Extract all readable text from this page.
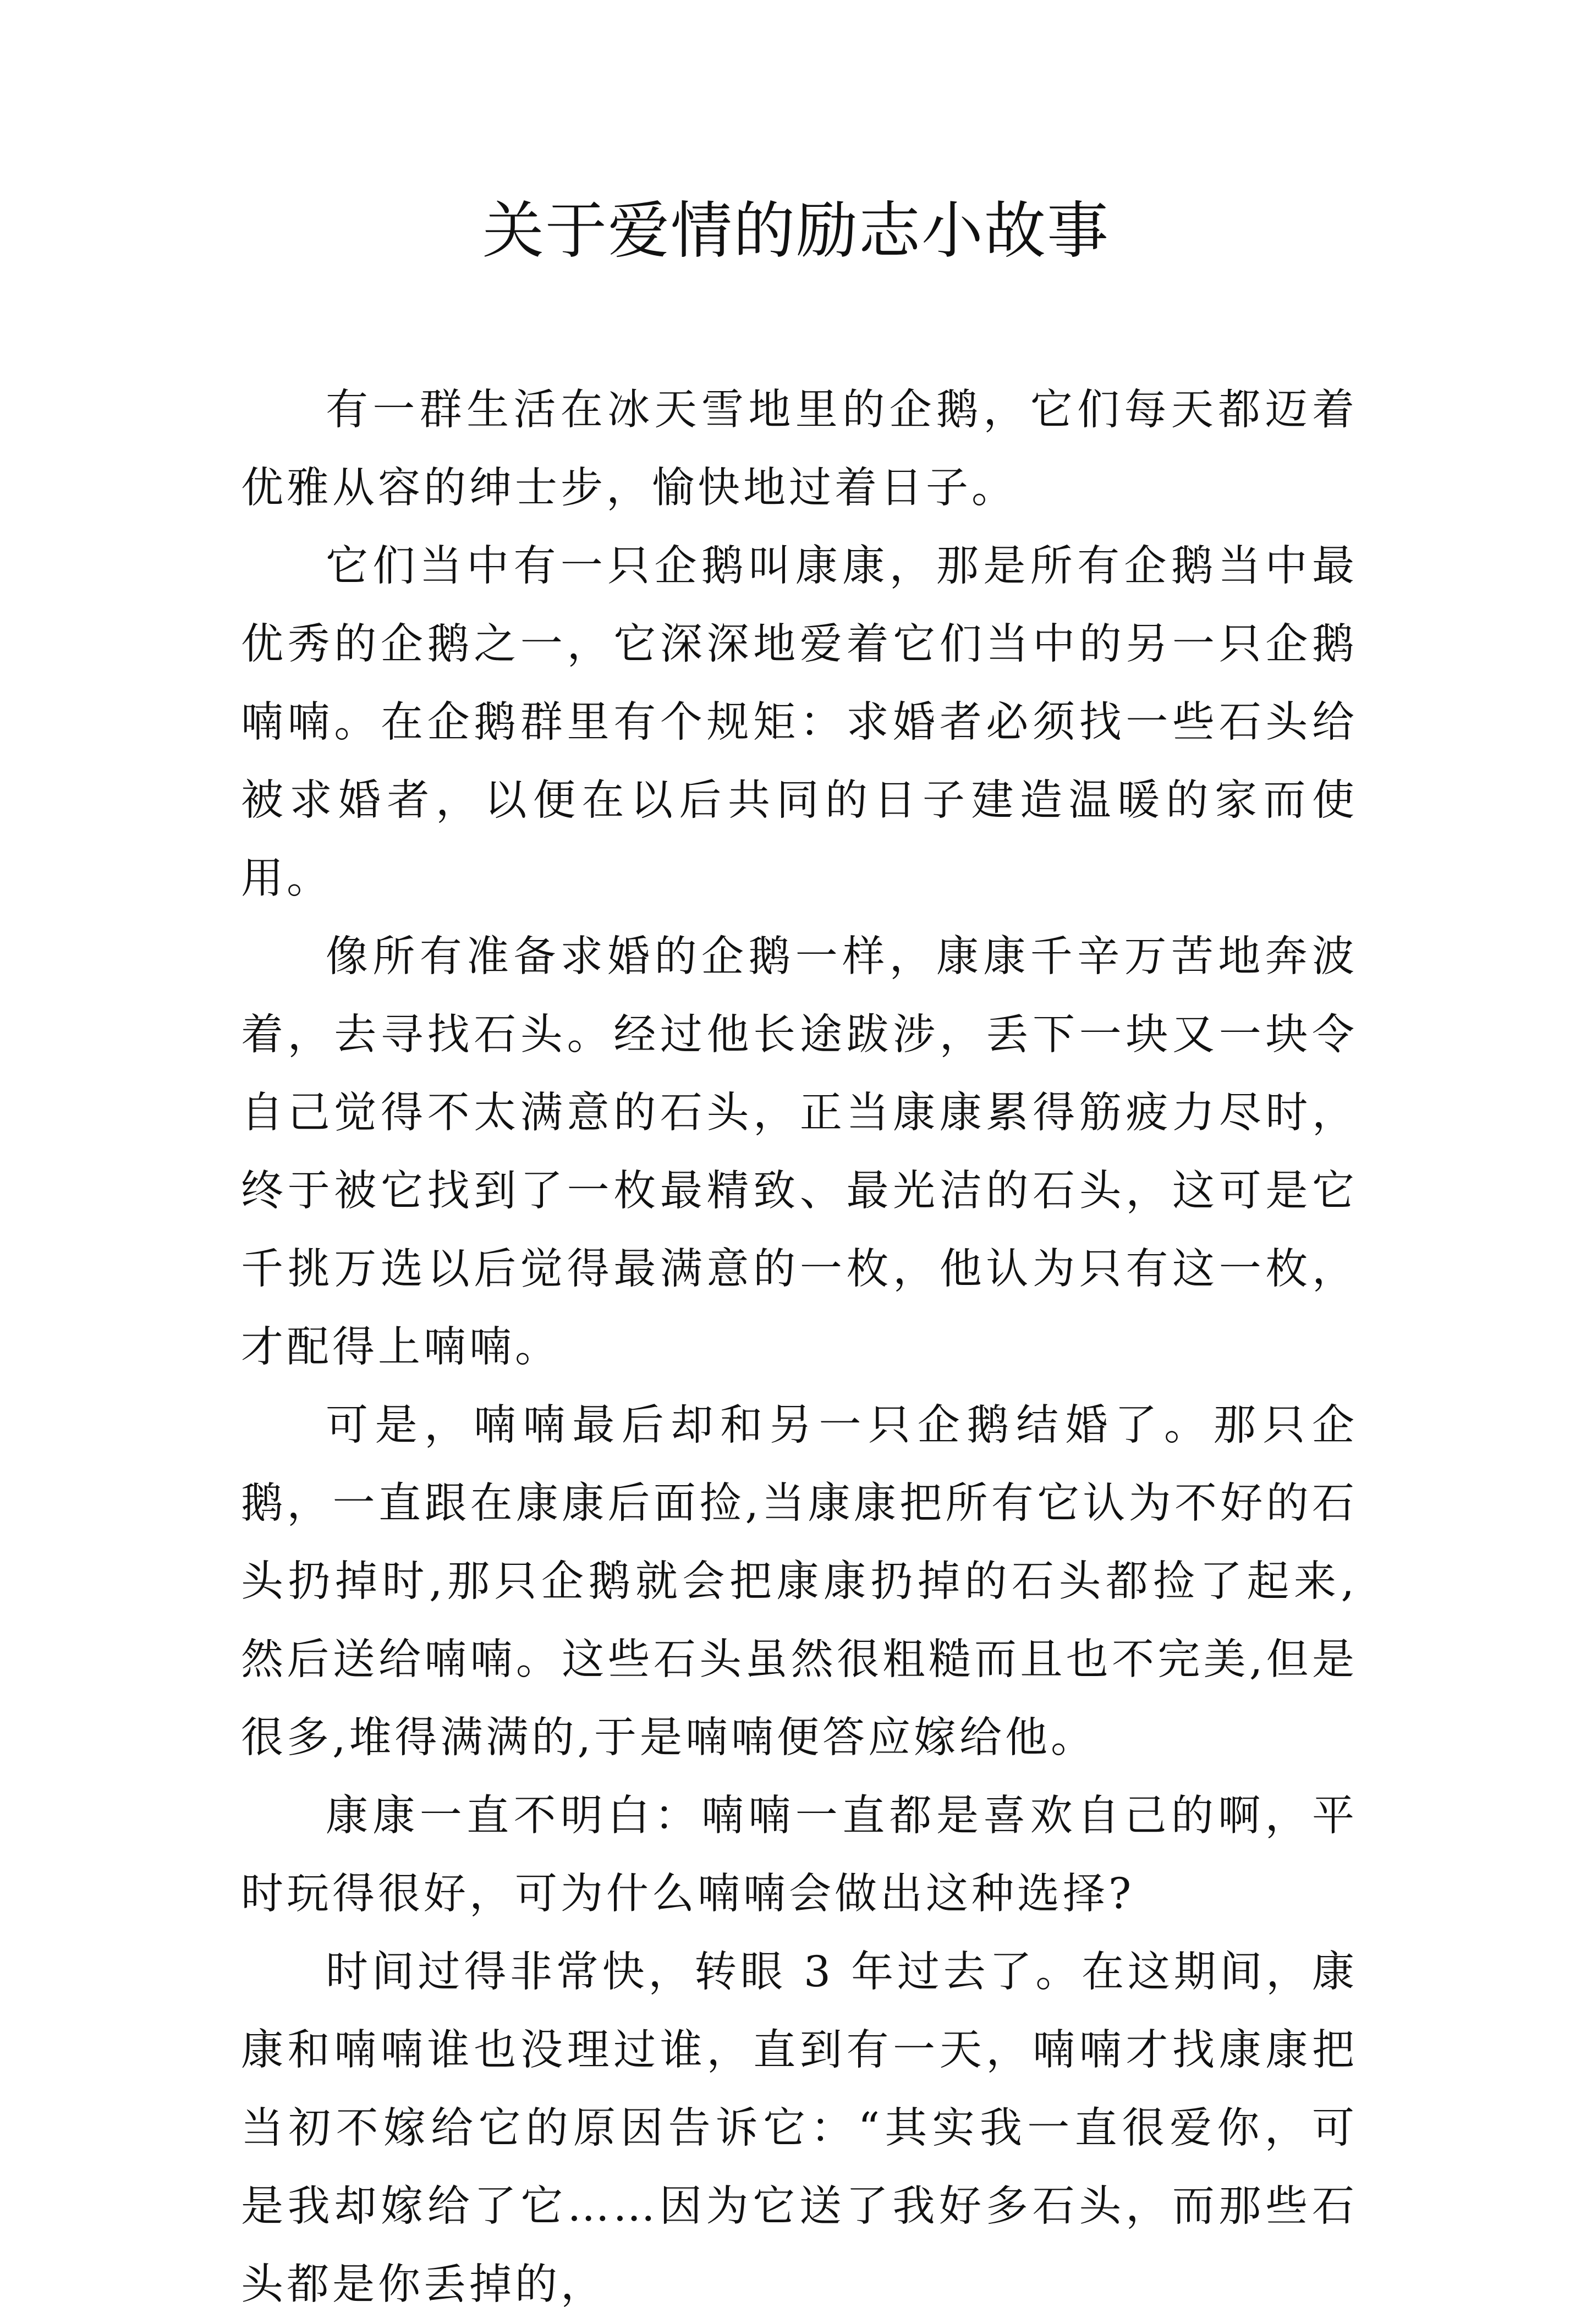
关于爱情的励志小故事

有一群生活在冰天雪地里的企鹅，它们每天都迈着优雅从容的绅士步，愉快地过着日子。

它们当中有一只企鹅叫康康，那是所有企鹅当中最优秀的企鹅之一，它深深地爱着它们当中的另一只企鹅喃喃。在企鹅群里有个规矩：求婚者必须找一些石头给被求婚者，以便在以后共同的日子建造温暖的家而使用。

像所有准备求婚的企鹅一样，康康千辛万苦地奔波着，去寻找石头。经过他长途跋涉，丢下一块又一块令自己觉得不太满意的石头，正当康康累得筋疲力尽时，终于被它找到了一枚最精致、最光洁的石头，这可是它千挑万选以后觉得最满意的一枚，他认为只有这一枚，才配得上喃喃。

可是，喃喃最后却和另一只企鹅结婚了。那只企鹅，一直跟在康康后面捡,当康康把所有它认为不好的石头扔掉时,那只企鹅就会把康康扔掉的石头都捡了起来,然后送给喃喃。这些石头虽然很粗糙而且也不完美,但是很多,堆得满满的,于是喃喃便答应嫁给他。

康康一直不明白：喃喃一直都是喜欢自己的啊，平时玩得很好，可为什么喃喃会做出这种选择?

时间过得非常快，转眼 3 年过去了。在这期间，康康和喃喃谁也没理过谁，直到有一天，喃喃才找康康把当初不嫁给它的原因告诉它：“其实我一直很爱你，可是我却嫁给了它……因为它送了我好多石头，而那些石头都是你丢掉的，
